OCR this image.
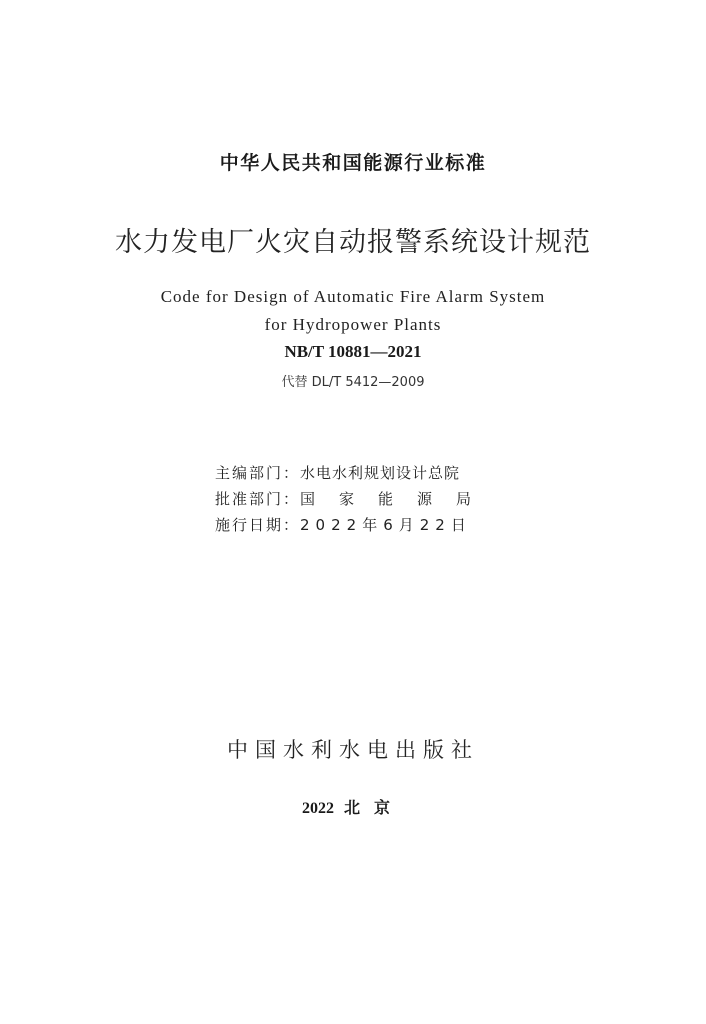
中华人民共和国能源行业标准
水力发电厂火灾自动报警系统设计规范
Code for Design of Automatic Fire Alarm System
for Hydropower Plants
NB/T 10881—2021
代替 DL/T 5412—2009
主编部门：水电水利规划设计总院
批准部门：国家能源局
施行日期：2022年6月22日
中国水利水电出版社
2022 北京
